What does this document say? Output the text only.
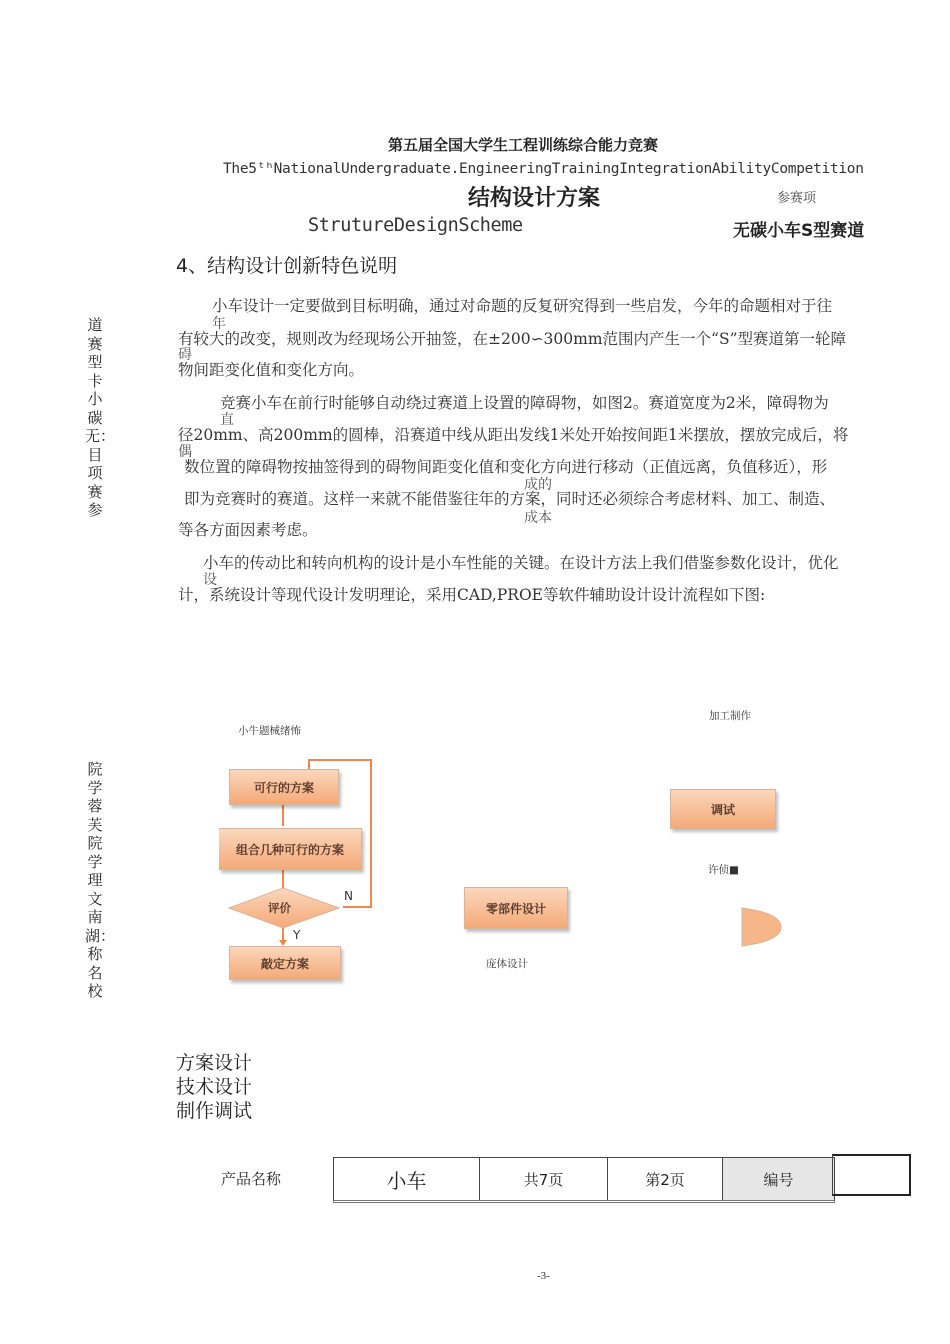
第五届全国大学生工程训练综合能力竞赛
The5ᵗʰNationalUndergraduate.EngineeringTrainingIntegrationAbilityCompetition
结构设计方案
StrutureDesignScheme
参赛项
无碳小车S型赛道
道赛型卡小碳无：目项赛参
院学蓉芙院学理文南湖：称名校
4、结构设计创新特色说明
小车设计一定要做到目标明确，通过对命题的反复研究得到一些启发，今年的命题相对于往
有较大的改变，规则改为经现场公开抽签，在±200∽300mm范围内产生一个“S”型赛道第一轮障
物间距变化值和变化方向。
年
碍
竞赛小车在前行时能够自动绕过赛道上设置的障碍物，如图2。赛道宽度为2米，障碍物为
径20mm、高200mm的圆棒，沿赛道中线从距出发线1米处开始按间距1米摆放，摆放完成后，将
数位置的障碍物按抽签得到的碍物间距变化值和变化方向进行移动（正值远离，负值移近），形
即为竞赛时的赛道。这样一来就不能借鉴往年的方案，同时还必须综合考虑材料、加工、制造、
等各方面因素考虑。
直
偶
成的
成本
小车的传动比和转向机构的设计是小车性能的关键。在设计方法上我们借鉴参数化设计，优化
计，系统设计等现代设计发明理论，采用CAD,PROE等软件辅助设计设计流程如下图:
设
小牛题械绪怖
可行的方案
组合几种可行的方案
评价
N
Y
敲定方案
零部件设计
庞体设计
加工制作
调试
许侦■
方案设计
技术设计
制作调试
产品名称	小车	共7页	第2页	编号
-3-
